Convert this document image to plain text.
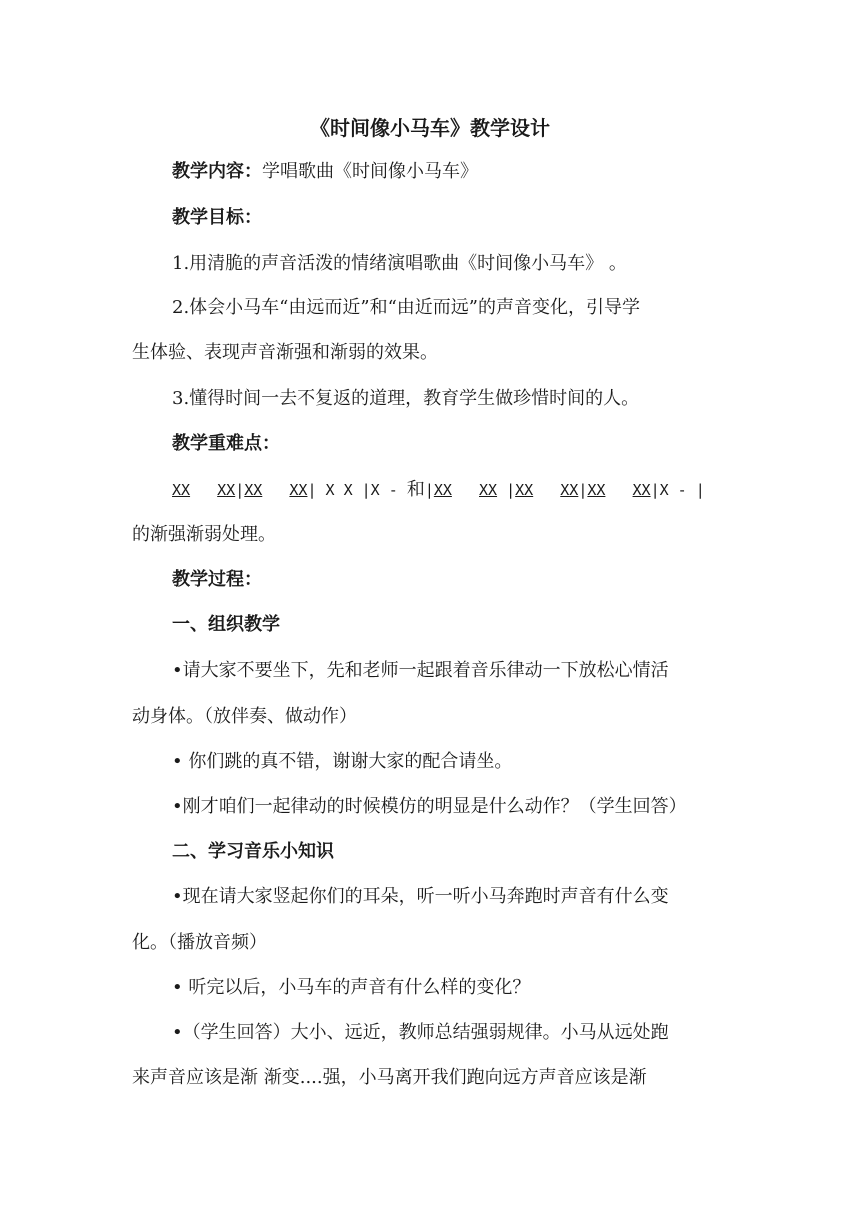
《时间像小马车》教学设计
教学内容：学唱歌曲《时间像小马车》
教学目标：
1.用清脆的声音活泼的情绪演唱歌曲《时间像小马车》 。
2.体会小马车“由远而近”和“由近而远”的声音变化，引导学
生体验、表现声音渐强和渐弱的效果。
3.懂得时间一去不复返的道理，教育学生做珍惜时间的人。
教学重难点：
XX XX|XX XX| X X |X - 和|XX XX |XX XX|XX XX|X - |
的渐强渐弱处理。
教学过程：
一、组织教学
•请大家不要坐下，先和老师一起跟着音乐律动一下放松心情活
动身体。（放伴奏、做动作）
• 你们跳的真不错，谢谢大家的配合请坐。
•刚才咱们一起律动的时候模仿的明显是什么动作？（学生回答）
二、学习音乐小知识
•现在请大家竖起你们的耳朵，听一听小马奔跑时声音有什么变
化。（播放音频）
• 听完以后，小马车的声音有什么样的变化？
•（学生回答）大小、远近，教师总结强弱规律。小马从远处跑
来声音应该是渐 渐变....强，小马离开我们跑向远方声音应该是渐
